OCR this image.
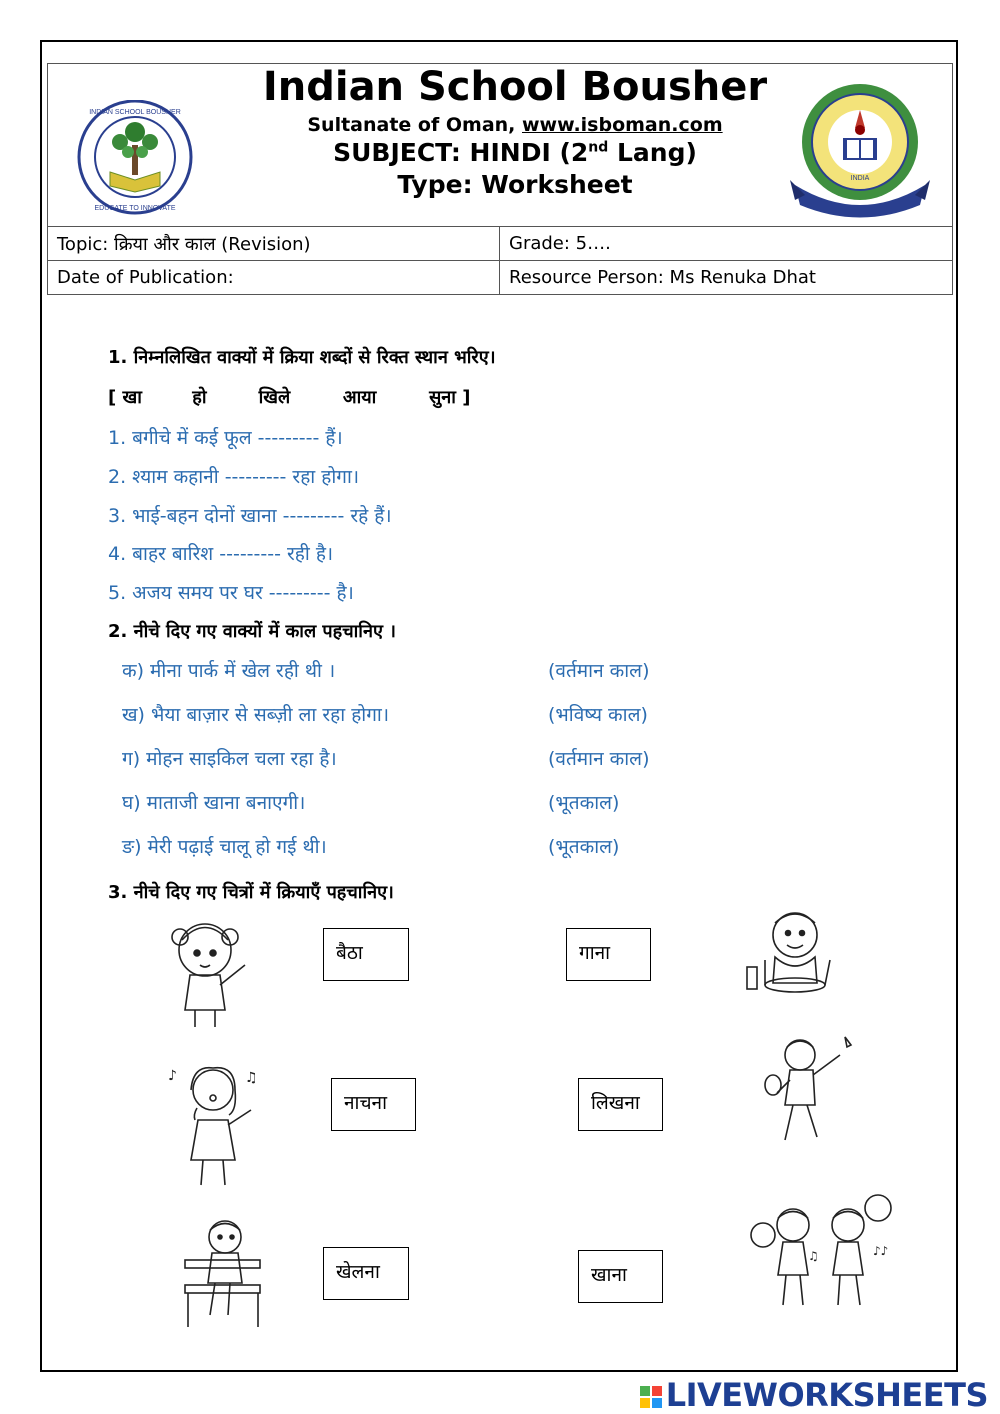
INDIAN SCHOOL BOUSHER
EDUCATE TO INNOVATE
INDIA
Indian School Bousher
Sultanate of Oman, www.isboman.com
SUBJECT: HINDI (2nd Lang)
Type: Worksheet
Topic: क्रिया और काल (Revision)	Grade: 5….
Date of Publication:	Resource Person: Ms Renuka Dhat
1. निम्नलिखित वाक्यों में क्रिया शब्दों से रिक्त स्थान भरिए।
[ खा	हो	खिले	आया	सुना ]
1. बगीचे में कई फूल --------- हैं।
2. श्याम कहानी --------- रहा होगा।
3. भाई-बहन दोनों खाना --------- रहे हैं।
4. बाहर बारिश --------- रही है।
5. अजय समय पर घर --------- है।
2. नीचे दिए गए वाक्यों में काल पहचानिए ।
क) मीना पार्क में खेल रही थी ।	(वर्तमान काल)
ख) भैया बाज़ार से सब्ज़ी ला रहा होगा।	(भविष्य काल)
ग) मोहन साइकिल चला रहा है।	(वर्तमान काल)
घ) माताजी खाना बनाएगी।	(भूतकाल)
ङ) मेरी पढ़ाई चालू हो गई थी।	(भूतकाल)
3. नीचे दिए गए चित्रों में क्रियाएँ पहचानिए।
बैठा	गाना
नाचना	लिखना
खेलना	खाना
♪	♫
♫	♪♪
LIVEWORKSHEETS
